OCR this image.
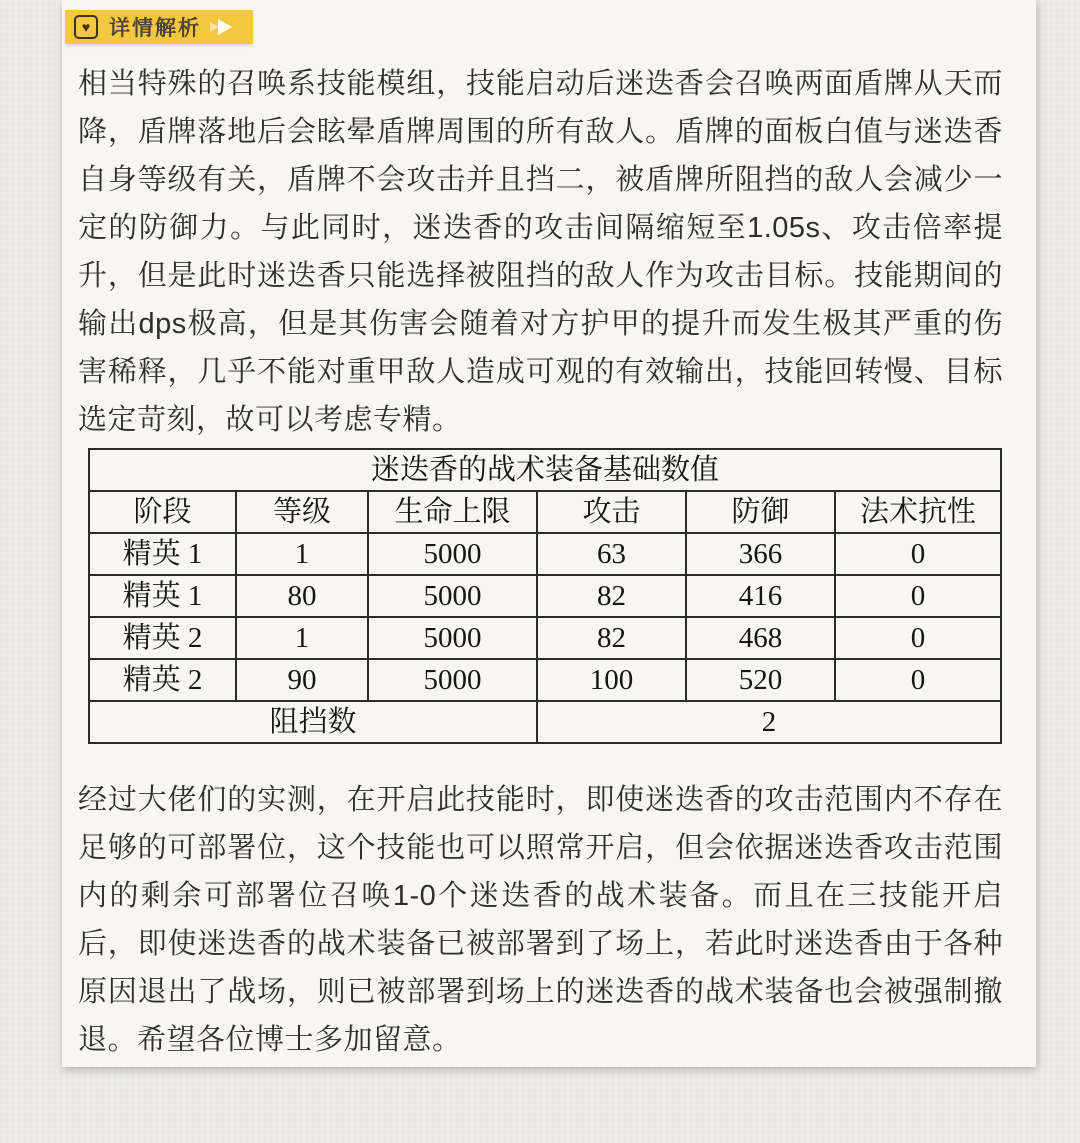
♥ 详情解析

相当特殊的召唤系技能模组，技能启动后迷迭香会召唤两面盾牌从天而降，盾牌落地后会眩晕盾牌周围的所有敌人。盾牌的面板白值与迷迭香自身等级有关，盾牌不会攻击并且挡二，被盾牌所阻挡的敌人会减少一定的防御力。与此同时，迷迭香的攻击间隔缩短至1.05s、攻击倍率提升，但是此时迷迭香只能选择被阻挡的敌人作为攻击目标。技能期间的输出dps极高，但是其伤害会随着对方护甲的提升而发生极其严重的伤害稀释，几乎不能对重甲敌人造成可观的有效输出，技能回转慢、目标选定苛刻，故可以考虑专精。

迷迭香的战术装备基础数值					
阶段	等级	生命上限	攻击	防御	法术抗性
精英 1	1	5000	63	366	0
精英 1	80	5000	82	416	0
精英 2	1	5000	82	468	0
精英 2	90	5000	100	520	0
阻挡数			2		

经过大佬们的实测，在开启此技能时，即使迷迭香的攻击范围内不存在足够的可部署位，这个技能也可以照常开启，但会依据迷迭香攻击范围内的剩余可部署位召唤1-0个迷迭香的战术装备。而且在三技能开启后，即使迷迭香的战术装备已被部署到了场上，若此时迷迭香由于各种原因退出了战场，则已被部署到场上的迷迭香的战术装备也会被强制撤退。希望各位博士多加留意。
